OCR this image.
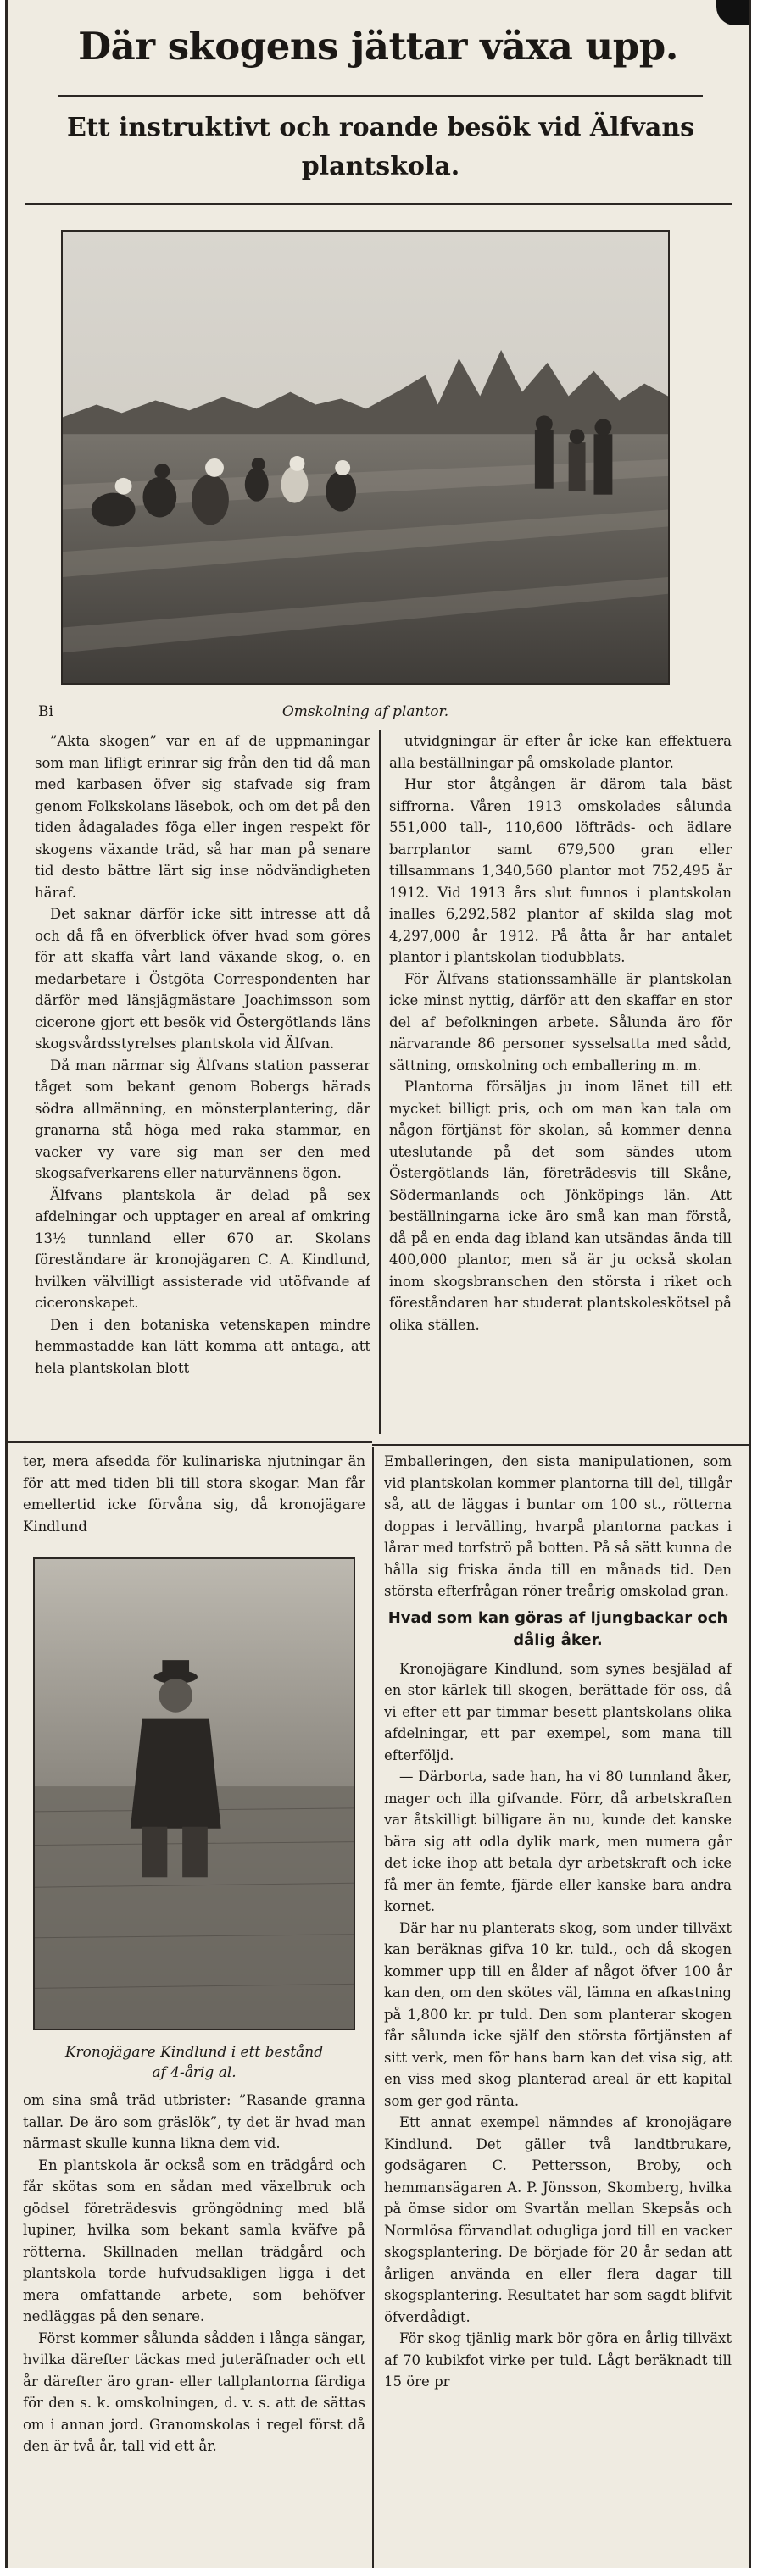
Där skogens jättar växa upp.
Ett instruktivt och roande besök vid Älfvans plantskola.
Bi	Omskolning af plantor.

”Akta skogen” var en af de uppmaningar som man lifligt erinrar sig från den tid då man med karbasen öfver sig stafvade sig fram genom Folkskolans läsebok, och om det på den tiden ådagalades föga eller ingen respekt för skogens växande träd, så har man på senare tid desto bättre lärt sig inse nödvändigheten häraf.

Det saknar därför icke sitt intresse att då och då få en öfverblick öfver hvad som göres för att skaffa vårt land växande skog, o. en medarbetare i Östgöta Correspondenten har därför med länsjägmästare Joachimsson som cicerone gjort ett besök vid Östergötlands läns skogsvårdsstyrelses plantskola vid Älfvan.

Då man närmar sig Älfvans station passerar tåget som bekant genom Bobergs härads södra allmänning, en mönsterplantering, där granarna stå höga med raka stammar, en vacker vy vare sig man ser den med skogsafverkarens eller naturvännens ögon.

Älfvans plantskola är delad på sex afdelningar och upptager en areal af omkring 13½ tunnland eller 670 ar. Skolans föreståndare är kronojägaren C. A. Kindlund, hvilken välvilligt assisterade vid utöfvande af ciceronskapet.

Den i den botaniska vetenskapen mindre hemmastadde kan lätt komma att antaga, att hela plantskolan blott

utvidgningar är efter år icke kan effektuera alla beställningar på omskolade plantor.

Hur stor åtgången är därom tala bäst siffrorna. Våren 1913 omskolades sålunda 551,000 tall-, 110,600 löfträds- och ädlare barrplantor samt 679,500 gran eller tillsammans 1,340,560 plantor mot 752,495 år 1912. Vid 1913 års slut funnos i plantskolan inalles 6,292,582 plantor af skilda slag mot 4,297,000 år 1912. På åtta år har antalet plantor i plantskolan tiodubblats.

För Älfvans stationssamhälle är plantskolan icke minst nyttig, därför att den skaffar en stor del af befolkningen arbete. Sålunda äro för närvarande 86 personer sysselsatta med sådd, sättning, omskolning och emballering m. m.

Plantorna försäljas ju inom länet till ett mycket billigt pris, och om man kan tala om någon förtjänst för skolan, så kommer denna uteslutande på det som sändes utom Östergötlands län, företrädesvis till Skåne, Södermanlands och Jönköpings län. Att beställningarna icke äro små kan man förstå, då på en enda dag ibland kan utsändas ända till 400,000 plantor, men så är ju också skolan inom skogsbranschen den största i riket och föreståndaren har studerat plantskoleskötsel på olika ställen.

ter, mera afsedda för kulinariska njutningar än för att med tiden bli till stora skogar. Man får emellertid icke förvåna sig, då kronojägare Kindlund

Kronojägare Kindlund i ett bestånd
af 4-årig al.

om sina små träd utbrister: ”Rasande granna tallar. De äro som gräslök”, ty det är hvad man närmast skulle kunna likna dem vid.

En plantskola är också som en trädgård och får skötas som en sådan med växelbruk och gödsel företrädesvis gröngödning med blå lupiner, hvilka som bekant samla kväfve på rötterna. Skillnaden mellan trädgård och plantskola torde hufvudsakligen ligga i det mera omfattande arbete, som behöfver nedläggas på den senare.

Först kommer sålunda sådden i långa sängar, hvilka därefter täckas med juteräfnader och ett år därefter äro gran- eller tallplantorna färdiga för den s. k. omskolningen, d. v. s. att de sättas om i annan jord. Granomskolas i regel först då den är två år, tall vid ett år.

Emballeringen, den sista manipulationen, som vid plantskolan kommer plantorna till del, tillgår så, att de läggas i buntar om 100 st., rötterna doppas i lervälling, hvarpå plantorna packas i lårar med torfströ på botten. På så sätt kunna de hålla sig friska ända till en månads tid. Den största efterfrågan röner treårig omskolad gran.

Hvad som kan göras af ljungbackar och dålig åker.

Kronojägare Kindlund, som synes besjälad af en stor kärlek till skogen, berättade för oss, då vi efter ett par timmar besett plantskolans olika afdelningar, ett par exempel, som mana till efterföljd.

— Därborta, sade han, ha vi 80 tunnland åker, mager och illa gifvande. Förr, då arbetskraften var åtskilligt billigare än nu, kunde det kanske bära sig att odla dylik mark, men numera går det icke ihop att betala dyr arbetskraft och icke få mer än femte, fjärde eller kanske bara andra kornet.

Där har nu planterats skog, som under tillväxt kan beräknas gifva 10 kr. tuld., och då skogen kommer upp till en ålder af något öfver 100 år kan den, om den skötes väl, lämna en afkastning på 1,800 kr. pr tuld. Den som planterar skogen får sålunda icke själf den största förtjänsten af sitt verk, men för hans barn kan det visa sig, att en viss med skog planterad areal är ett kapital som ger god ränta.

Ett annat exempel nämndes af kronojägare Kindlund. Det gäller två landtbrukare, godsägaren C. Pettersson, Broby, och hemmansägaren A. P. Jönsson, Skomberg, hvilka på ömse sidor om Svartån mellan Skepsås och Normlösa förvandlat odugliga jord till en vacker skogsplantering. De började för 20 år sedan att årligen använda en eller flera dagar till skogsplantering. Resultatet har som sagdt blifvit öfverdådigt.

För skog tjänlig mark bör göra en årlig tillväxt af 70 kubikfot virke per tuld. Lågt beräknadt till 15 öre pr
